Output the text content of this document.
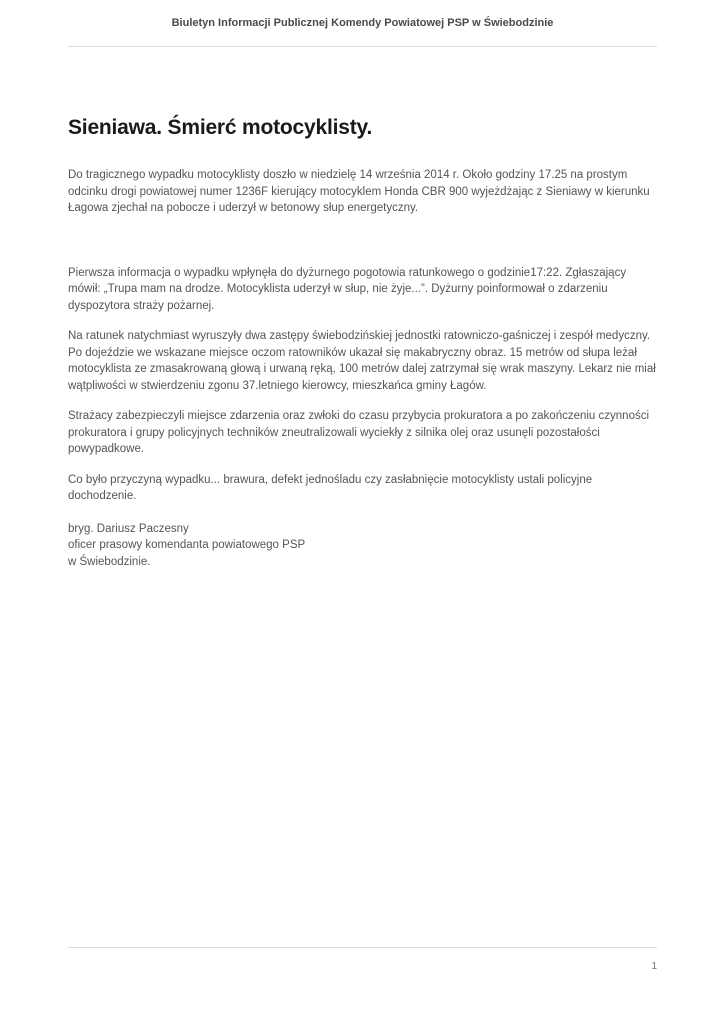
Biuletyn Informacji Publicznej Komendy Powiatowej PSP w Świebodzinie
Sieniawa. Śmierć motocyklisty.

Do tragicznego wypadku motocyklisty doszło w niedzielę 14 września 2014 r. Około godziny 17.25 na prostym odcinku drogi powiatowej numer 1236F kierujący motocyklem Honda CBR 900 wyjeżdżając z Sieniawy w kierunku Łagowa zjechał na pobocze i uderzył w betonowy słup energetyczny.

Pierwsza informacja o wypadku wpłynęła do dyżurnego pogotowia ratunkowego o godzinie17:22. Zgłaszający mówił: „Trupa mam na drodze. Motocyklista uderzył w słup, nie żyje...”. Dyżurny poinformował o zdarzeniu dyspozytora straży pożarnej.

Na ratunek natychmiast wyruszyły dwa zastępy świebodzińskiej jednostki ratowniczo-gaśniczej i zespół medyczny. Po dojeździe we wskazane miejsce oczom ratowników ukazał się makabryczny obraz. 15 metrów od słupa leżał motocyklista ze zmasakrowaną głową i urwaną ręką, 100 metrów dalej zatrzymał się wrak maszyny. Lekarz nie miał wątpliwości w stwierdzeniu zgonu 37.letniego kierowcy, mieszkańca gminy Łagów.

Strażacy zabezpieczyli miejsce zdarzenia oraz zwłoki do czasu przybycia prokuratora a po zakończeniu czynności prokuratora i grupy policyjnych techników zneutralizowali wyciekły z silnika olej oraz usunęli pozostałości powypadkowe.

Co było przyczyną wypadku... brawura, defekt jednośladu czy zasłabnięcie motocyklisty ustali policyjne dochodzenie.

bryg. Dariusz Paczesny
oficer prasowy komendanta powiatowego PSP
w Świebodzinie.
1
